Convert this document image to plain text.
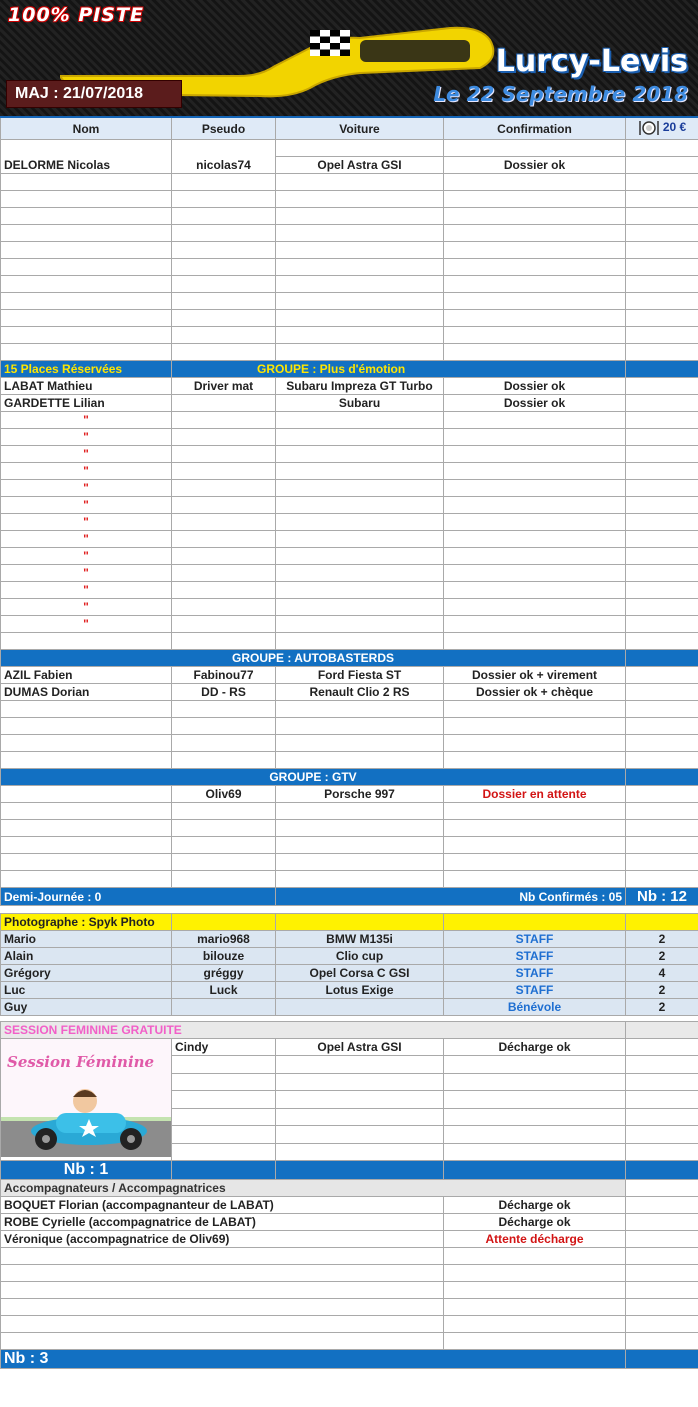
100% PISTE
Lurcy-Levis
Le 22 Septembre 2018
MAJ : 21/07/2018
Nom	Pseudo	Voiture	Confirmation	20 €

DELORME Nicolas	nicolas74	Opel Astra GSI	Dossier ok	

15 Places Réservées	GROUPE : Plus d'émotion			
LABAT Mathieu	Driver mat	Subaru Impreza GT Turbo	Dossier ok	
GARDETTE Lilian		Subaru	Dossier ok	
"				
"				
"				
"				
"				
"				
"				
"				
"				
"				
"				
"				
"				

GROUPE : AUTOBASTERDS				
AZIL Fabien	Fabinou77	Ford Fiesta ST	Dossier ok + virement	
DUMAS Dorian	DD - RS	Renault Clio 2 RS	Dossier ok + chèque	

GROUPE : GTV				
	Oliv69	Porsche 997	Dossier en attente	

Demi-Journée : 0		Nb Confirmés : 05		Nb : 12

Photographe : Spyk Photo				
Mario	mario968	BMW M135i	STAFF	2
Alain	bilouze	Clio cup	STAFF	2
Grégory	gréggy	Opel Corsa C GSI	STAFF	4
Luc	Luck	Lotus Exige	STAFF	2
Guy			Bénévole	2

SESSION FEMININE GRATUITE				

Session Féminine	Cindy	Opel Astra GSI	Décharge ok	

Nb : 1				
Accompagnateurs / Accompagnatrices				
BOQUET Florian (accompagnanteur de LABAT)			Décharge ok	
ROBE Cyrielle (accompagnatrice de LABAT)			Décharge ok	
Véronique (accompagnatrice de Oliv69)			Attente décharge	

Nb : 3				
